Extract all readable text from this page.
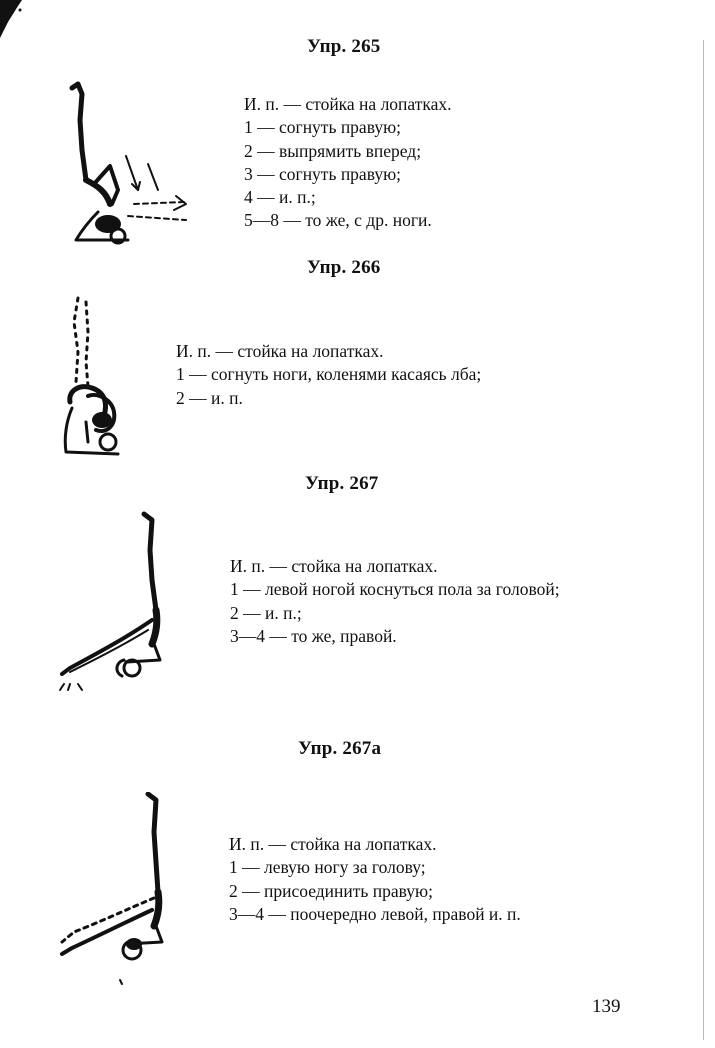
Упр. 265
И. п. — стойка на лопатках.
1 — согнуть правую;
2 — выпрямить вперед;
3 — согнуть правую;
4 — и. п.;
5—8 — то же, с др. ноги.
Упр. 266
И. п. — стойка на лопатках.
1 — согнуть ноги, коленями касаясь лба;
2 — и. п.
Упр. 267
И. п. — стойка на лопатках.
1 — левой ногой коснуться пола за головой;
2 — и. п.;
3—4 — то же, правой.
Упр. 267а
И. п. — стойка на лопатках.
1 — левую ногу за голову;
2 — присоединить правую;
3—4 — поочередно левой, правой и. п.
139
